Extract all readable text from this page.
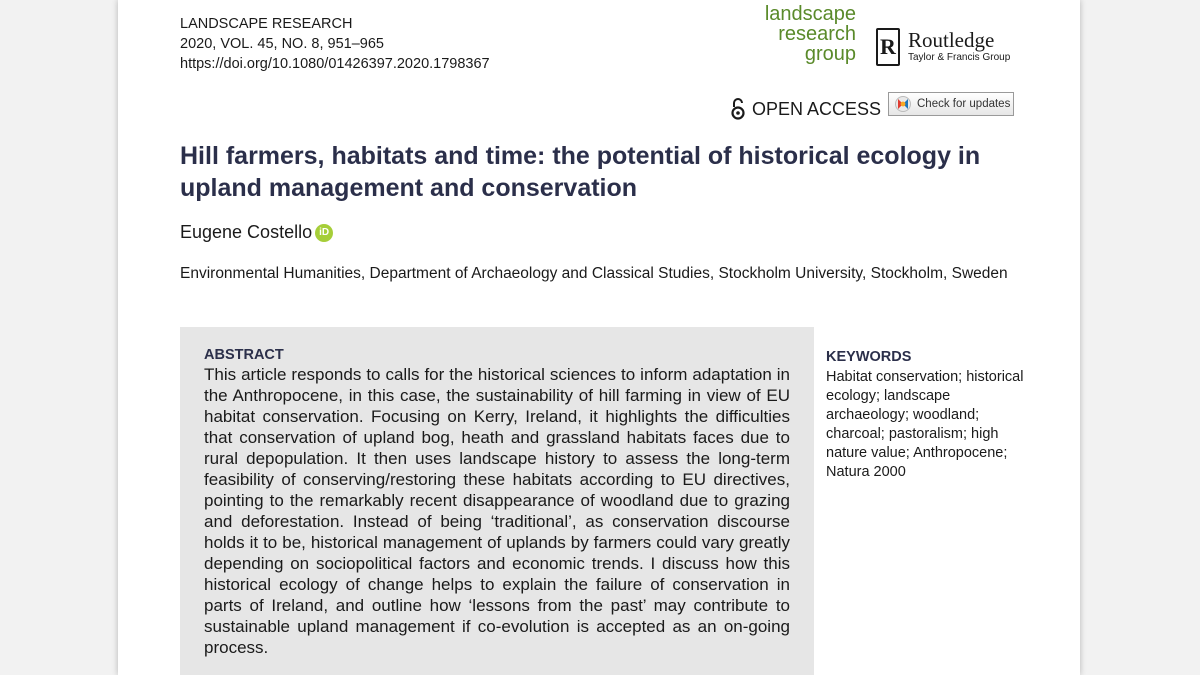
LANDSCAPE RESEARCH
2020, VOL. 45, NO. 8, 951–965
https://doi.org/10.1080/01426397.2020.1798367
landscape
research
group R Routledge
Taylor & Francis Group
OPEN ACCESS	Check for updates
Hill farmers, habitats and time: the potential of historical ecology in upland management and conservation
Eugene Costello iD
Environmental Humanities, Department of Archaeology and Classical Studies, Stockholm University, Stockholm, Sweden
ABSTRACT

This article responds to calls for the historical sciences to inform adaptation in the Anthropocene, in this case, the sustainability of hill farming in view of EU habitat conservation. Focusing on Kerry, Ireland, it highlights the difficulties that conservation of upland bog, heath and grassland habitats faces due to rural depopulation. It then uses landscape history to assess the long-term feasibility of conserving/restoring these habitats according to EU directives, pointing to the remarkably recent disappearance of woodland due to grazing and deforestation. Instead of being ‘traditional’, as conservation discourse holds it to be, historical management of uplands by farmers could vary greatly depending on sociopolitical factors and economic trends. I discuss how this historical ecology of change helps to explain the failure of conservation in parts of Ireland, and outline how ‘lessons from the past’ may contribute to sustainable upland management if co-evolution is accepted as an on-going process.

KEYWORDS
Habitat conservation; historical ecology; landscape archaeology; woodland; charcoal; pastoralism; high nature value; Anthropocene; Natura 2000
